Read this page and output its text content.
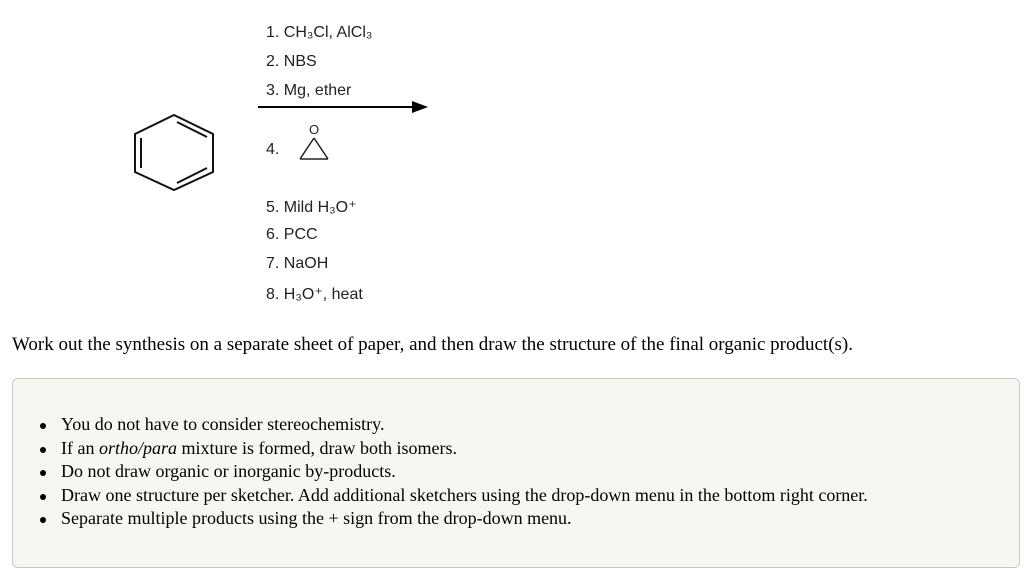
1. CH₃Cl, AlCl₃
2. NBS
3. Mg, ether
4.
O
5. Mild H₃O⁺
6. PCC
7. NaOH
8. H₃O⁺, heat
Work out the synthesis on a separate sheet of paper, and then draw the structure of the final organic product(s).
You do not have to consider stereochemistry.
If an ortho/para mixture is formed, draw both isomers.
Do not draw organic or inorganic by-products.
Draw one structure per sketcher. Add additional sketchers using the drop-down menu in the bottom right corner.
Separate multiple products using the + sign from the drop-down menu.
